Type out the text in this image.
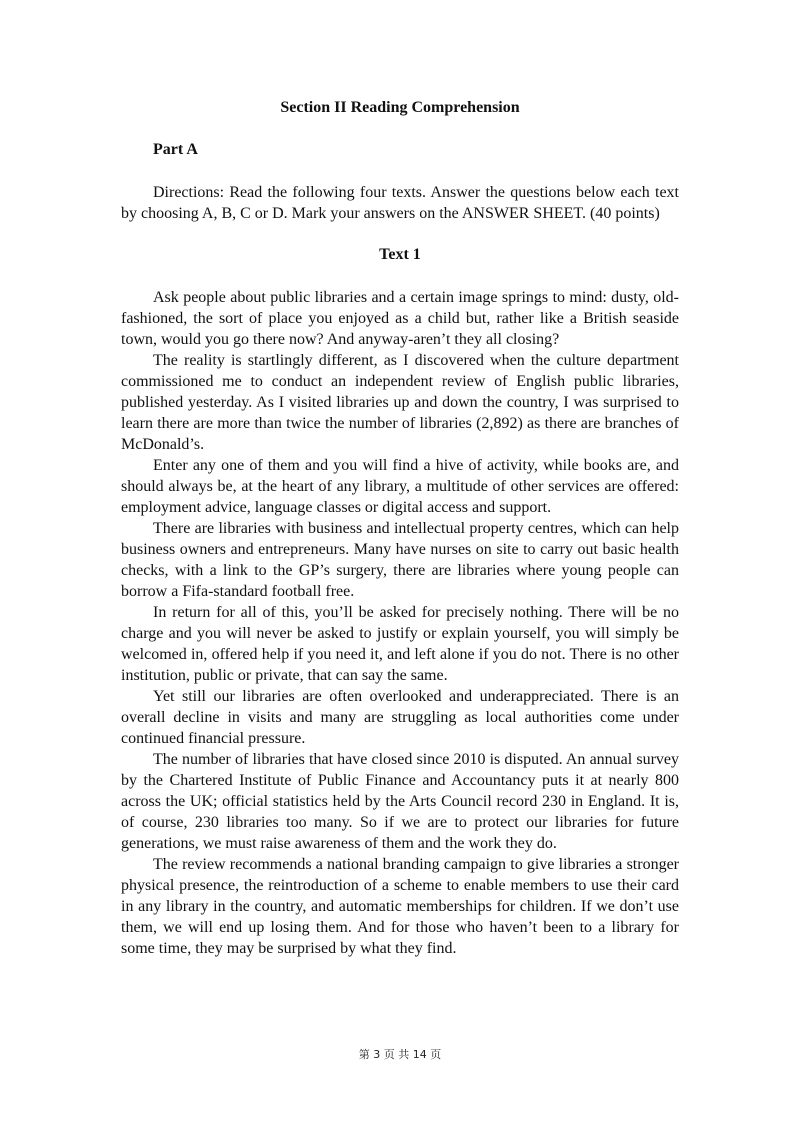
Section II Reading Comprehension
Part A

Directions: Read the following four texts. Answer the questions below each text by choosing A, B, C or D. Mark your answers on the ANSWER SHEET. (40 points)

Text 1

Ask people about public libraries and a certain image springs to mind: dusty, old-fashioned, the sort of place you enjoyed as a child but, rather like a British seaside town, would you go there now? And anyway-aren’t they all closing?

The reality is startlingly different, as I discovered when the culture department commissioned me to conduct an independent review of English public libraries, published yesterday. As I visited libraries up and down the country, I was surprised to learn there are more than twice the number of libraries (2,892) as there are branches of McDonald’s.

Enter any one of them and you will find a hive of activity, while books are, and should always be, at the heart of any library, a multitude of other services are offered: employment advice, language classes or digital access and support.

There are libraries with business and intellectual property centres, which can help business owners and entrepreneurs. Many have nurses on site to carry out basic health checks, with a link to the GP’s surgery, there are libraries where young people can borrow a Fifa-standard football free.

In return for all of this, you’ll be asked for precisely nothing. There will be no charge and you will never be asked to justify or explain yourself, you will simply be welcomed in, offered help if you need it, and left alone if you do not. There is no other institution, public or private, that can say the same.

Yet still our libraries are often overlooked and underappreciated. There is an overall decline in visits and many are struggling as local authorities come under continued financial pressure.

The number of libraries that have closed since 2010 is disputed. An annual survey by the Chartered Institute of Public Finance and Accountancy puts it at nearly 800 across the UK; official statistics held by the Arts Council record 230 in England. It is, of course, 230 libraries too many. So if we are to protect our libraries for future generations, we must raise awareness of them and the work they do.

The review recommends a national branding campaign to give libraries a stronger physical presence, the reintroduction of a scheme to enable members to use their card in any library in the country, and automatic memberships for children. If we don’t use them, we will end up losing them. And for those who haven’t been to a library for some time, they may be surprised by what they find.

第 3 页 共 14 页
